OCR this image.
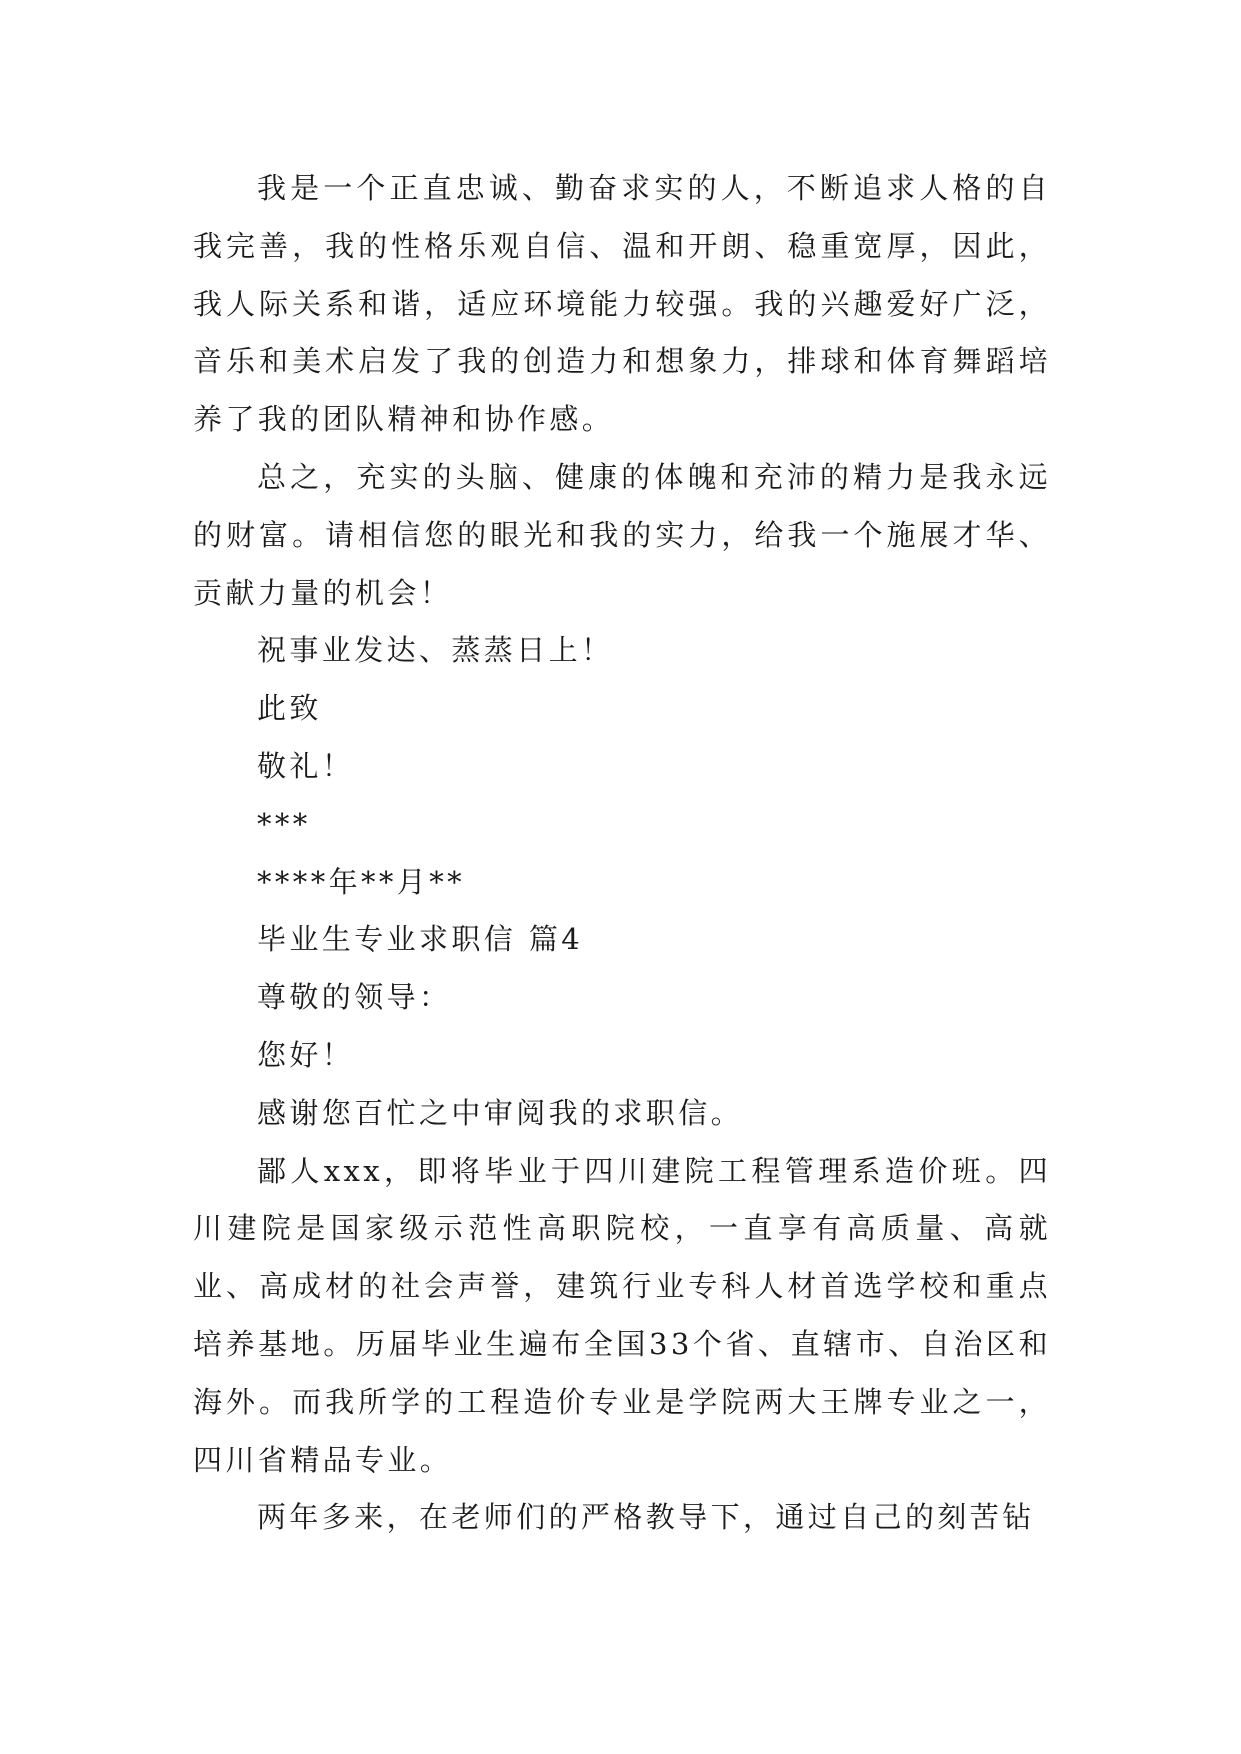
我是一个正直忠诚、勤奋求实的人，不断追求人格的自我完善，我的性格乐观自信、温和开朗、稳重宽厚，因此，我人际关系和谐，适应环境能力较强。我的兴趣爱好广泛，音乐和美术启发了我的创造力和想象力，排球和体育舞蹈培养了我的团队精神和协作感。

总之，充实的头脑、健康的体魄和充沛的精力是我永远的财富。请相信您的眼光和我的实力，给我一个施展才华、贡献力量的机会！

祝事业发达、蒸蒸日上！

此致

敬礼！

***

****年**月**

毕业生专业求职信 篇4

尊敬的领导：

您好！

感谢您百忙之中审阅我的求职信。

鄙人xxx，即将毕业于四川建院工程管理系造价班。四川建院是国家级示范性高职院校，一直享有高质量、高就业、高成材的社会声誉，建筑行业专科人材首选学校和重点培养基地。历届毕业生遍布全国33个省、直辖市、自治区和海外。而我所学的工程造价专业是学院两大王牌专业之一，四川省精品专业。

两年多来，在老师们的严格教导下，通过自己的刻苦钻
